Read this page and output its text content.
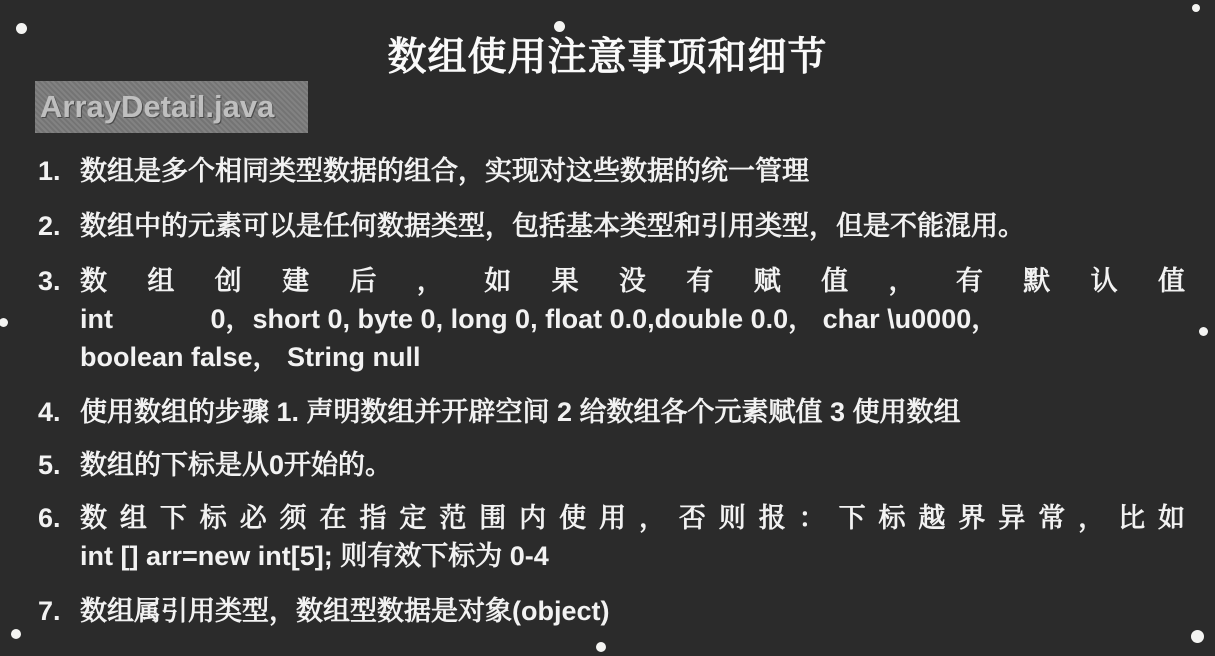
数组使用注意事项和细节
ArrayDetail.java
1. 数组是多个相同类型数据的组合，实现对这些数据的统一管理
2. 数组中的元素可以是任何数据类型，包括基本类型和引用类型，但是不能混用。
3. 数 组 创 建 后 ， 如 果 没 有 赋 值 ， 有 默 认 值
int             0，short 0, byte 0, long 0, float 0.0,double 0.0， char \u0000，
boolean false， String null
4. 使用数组的步骤 1. 声明数组并开辟空间 2 给数组各个元素赋值 3 使用数组
5. 数组的下标是从0开始的。
6. 数 组 下 标 必 须 在 指 定 范 围 内 使 用 ， 否 则 报 ： 下 标 越 界 异 常 ， 比 如
int [] arr=new int[5]; 则有效下标为 0-4
7. 数组属引用类型，数组型数据是对象(object)
